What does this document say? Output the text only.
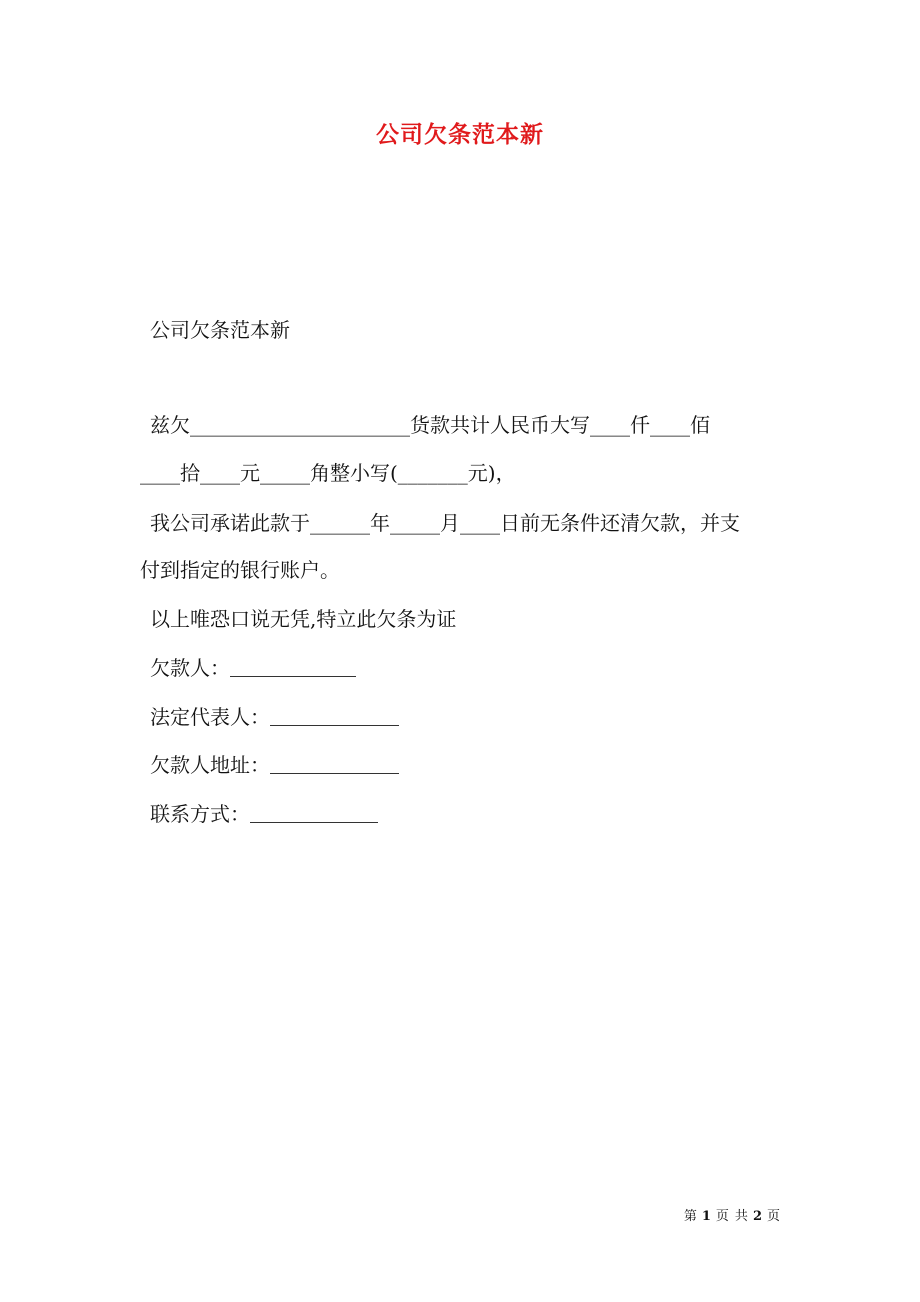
公司欠条范本新
公司欠条范本新
兹欠______________________货款共计人民币大写____仟____佰
____拾____元_____角整小写(_______元)，
我公司承诺此款于______年_____月____日前无条件还清欠款，并支
付到指定的银行账户。
以上唯恐口说无凭,特立此欠条为证
欠款人：
法定代表人：
欠款人地址：
联系方式：
第 1 页 共 2 页
